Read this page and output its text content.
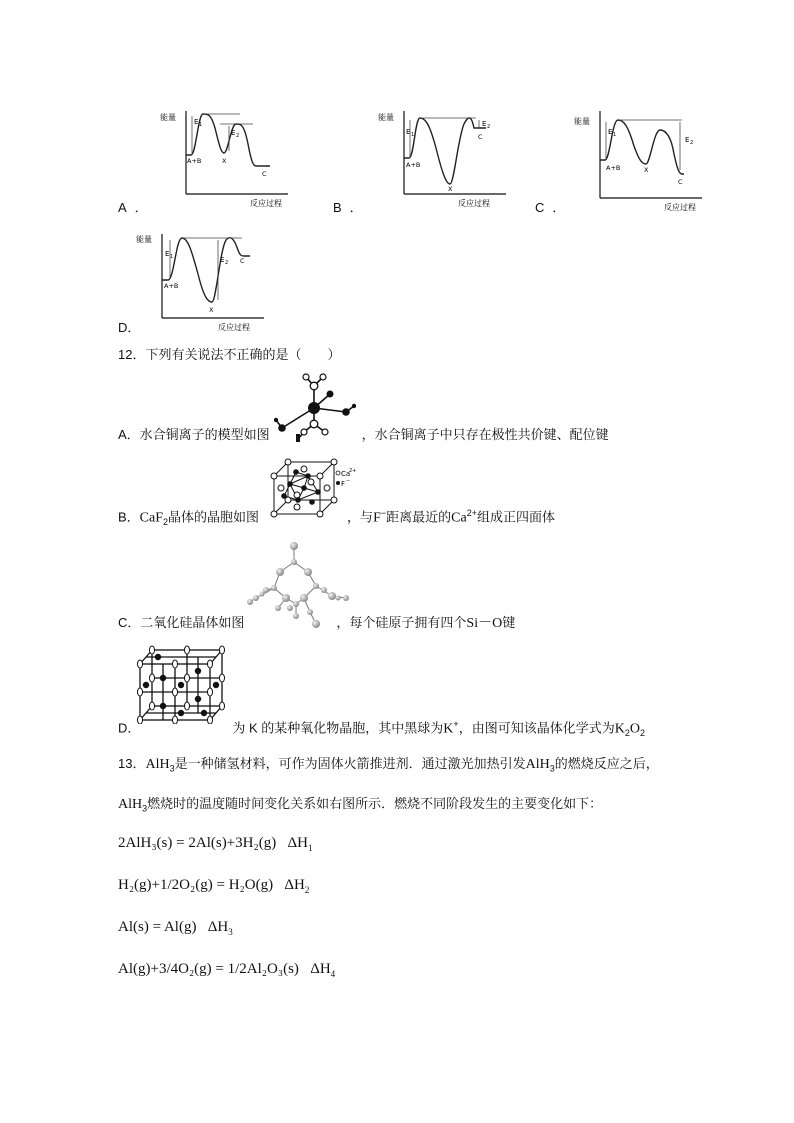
能量
反应过程
E 1
E 2
A+B	X
C
A ．
能量
反应过程
E 1
E 2
A+B
X
C
B ．
能量
反应过程
E 1
E 2
A+B	X
C
C ．
能量
反应过程
E 1	E 2
A+B
X
C
D．
12．下列有关说法不正确的是（　　）
A．水合铜离子的模型如图	，水合铜离子中只存在极性共价键、配位键
Ca
2+
F −
B．CaF$_2$晶体的晶胞如图	，与F−距离最近的$Ca^{2+}$组成正四面体
C．二氧化硅晶体如图	，每个硅原子拥有四个Si－O键
D．	为 K 的某种氧化物晶胞，其中黑球为K+，由图可知该晶体化学式为$K_2O_2$
13．AlH$_3$是一种储氢材料，可作为固体火箭推进剂．通过激光加热引发AlH$_3$的燃烧反应之后，
AlH$_3$燃烧时的温度随时间变化关系如右图所示．燃烧不同阶段发生的主要变化如下：
2AlH₃(s) = 2Al(s)+3H₂(g) $\Delta H_1$
H₂(g)+1/2O₂(g) = H₂O(g) $\Delta H_2$
Al(s) = Al(g) $\Delta H_3$
Al(g)+3/4O₂(g) = 1/2Al₂O₃(s) $\Delta H_4$
